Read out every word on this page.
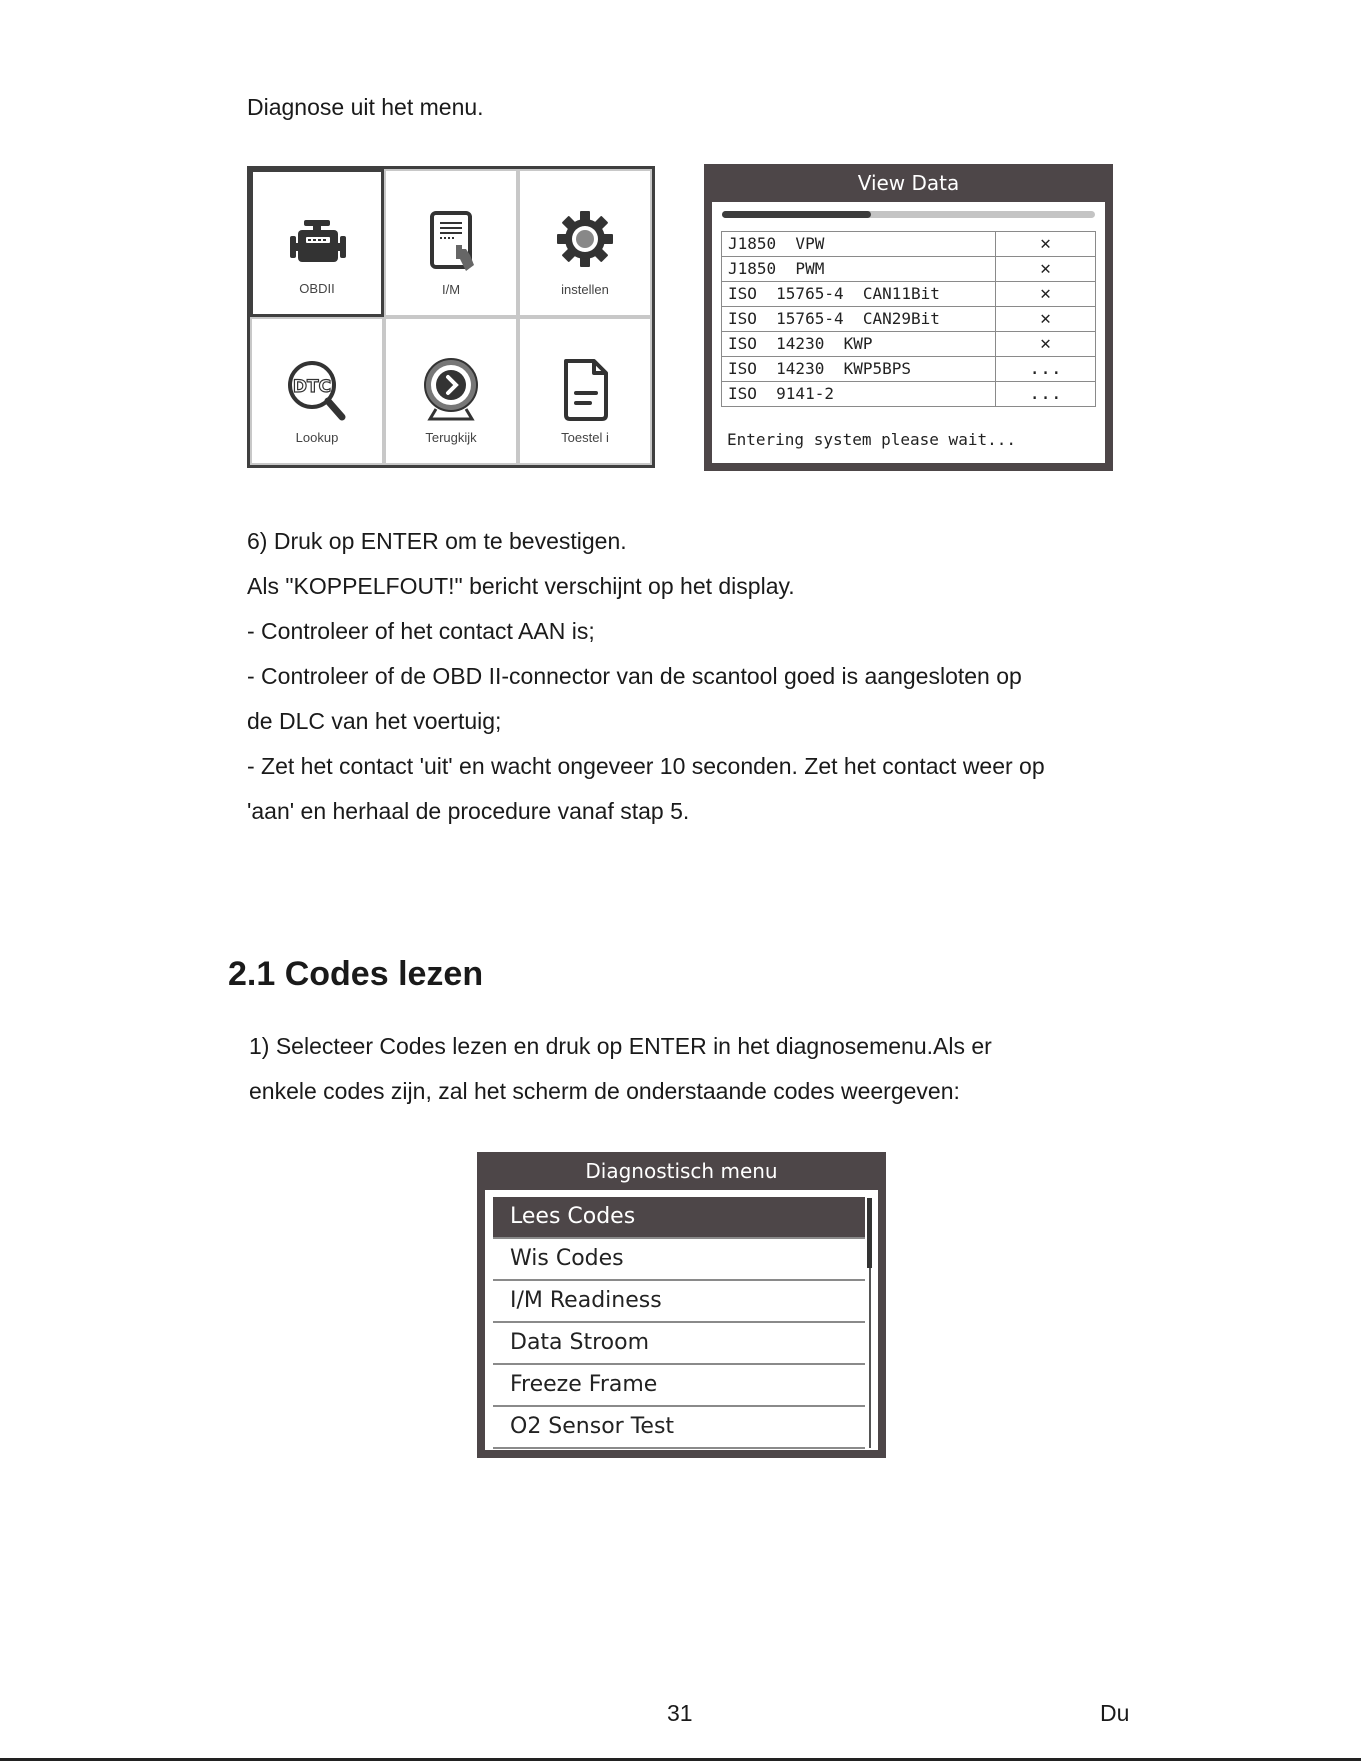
Diagnose uit het menu.
OBDII	I/M	instellen
DTC
Lookup	Terugkijk	Toestel i
View Data
J1850  VPW	✕
J1850  PWM	✕
ISO  15765-4  CAN11Bit	✕
ISO  15765-4  CAN29Bit	✕
ISO  14230  KWP	✕
ISO  14230  KWP5BPS	...
ISO  9141-2	...
Entering system please wait...
6) Druk op ENTER om te bevestigen.
Als "KOPPELFOUT!" bericht verschijnt op het display.
- Controleer of het contact AAN is;
- Controleer of de OBD II-connector van de scantool goed is aangesloten op
de DLC van het voertuig;
- Zet het contact 'uit' en wacht ongeveer 10 seconden. Zet het contact weer op
'aan' en herhaal de procedure vanaf stap 5.
2.1 Codes lezen
1) Selecteer Codes lezen en druk op ENTER in het diagnosemenu.Als er
enkele codes zijn, zal het scherm de onderstaande codes weergeven:
Diagnostisch menu
Lees Codes
Wis Codes
I/M Readiness
Data Stroom
Freeze Frame
O2 Sensor Test
31	Du
